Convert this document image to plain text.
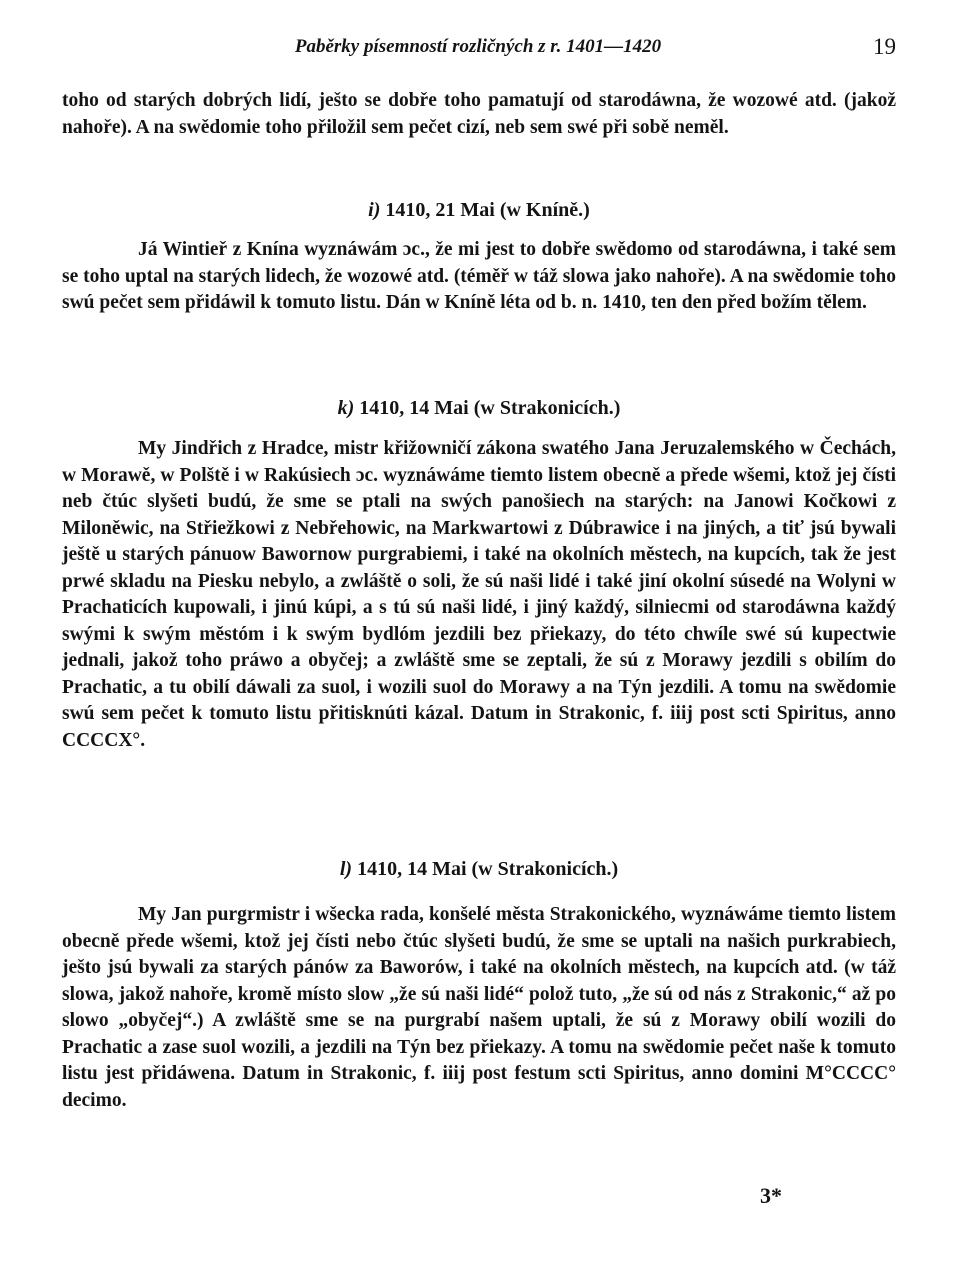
Paběrky písemností rozličných z r. 1401—1420	19

toho od starých dobrých lidí, ješto se dobře toho pamatují od starodáwna, že wozowé atd. (jakož nahoře). A na swědomie toho přiložil sem pečet cizí, neb sem swé při sobě neměl.

i) 1410, 21 Mai (w Kníně.)

Já Wintieř z Knína wyznáwám ɔc., že mi jest to dobře swědomo od starodáwna, i také sem se toho uptal na starých lidech, že wozowé atd. (téměř w táž slowa jako nahoře). A na swědomie toho swú pečet sem přidáwil k tomuto listu. Dán w Kníně léta od b. n. 1410, ten den před božím tělem.

k) 1410, 14 Mai (w Strakonicích.)

My Jindřich z Hradce, mistr křižowničí zákona swatého Jana Jeruzalemského w Čechách, w Morawě, w Polště i w Rakúsiech ɔc. wyznáwáme tiemto listem obecně a přede wšemi, ktož jej čísti neb čtúc slyšeti budú, že sme se ptali na swých panošiech na starých: na Janowi Kočkowi z Miloněwic, na Střiežkowi z Nebřehowic, na Markwartowi z Dúbrawice i na jiných, a tiť jsú bywali ještě u starých pánuow Bawornow purgrabiemi, i také na okolních městech, na kupcích, tak že jest prwé skladu na Piesku nebylo, a zwláště o soli, že sú naši lidé i také jiní okolní súsedé na Wolyni w Prachaticích kupowali, i jinú kúpi, a s tú sú naši lidé, i jiný každý, silniecmi od starodáwna každý swými k swým městóm i k swým bydlóm jezdili bez přiekazy, do této chwíle swé sú kupectwie jednali, jakož toho práwo a obyčej; a zwláště sme se zeptali, že sú z Morawy jezdili s obilím do Prachatic, a tu obilí dáwali za suol, i wozili suol do Morawy a na Týn jezdili. A tomu na swědomie swú sem pečet k tomuto listu přitisknúti kázal. Datum in Strakonic, f. iiij post scti Spiritus, anno CCCCX°.

l) 1410, 14 Mai (w Strakonicích.)

My Jan purgrmistr i wšecka rada, konšelé města Strakonického, wyznáwáme tiemto listem obecně přede wšemi, ktož jej čísti nebo čtúc slyšeti budú, že sme se uptali na našich purkrabiech, ješto jsú bywali za starých pánów za Baworów, i také na okolních městech, na kupcích atd. (w táž slowa, jakož nahoře, kromě místo slow „že sú naši lidé“ polož tuto, „že sú od nás z Strakonic,“ až po slowo „obyčej“.) A zwláště sme se na purgrabí našem uptali, že sú z Morawy obilí wozili do Prachatic a zase suol wozili, a jezdili na Týn bez přiekazy. A tomu na swědomie pečet naše k tomuto listu jest přidáwena. Datum in Strakonic, f. iiij post festum scti Spiritus, anno domini M°CCCC° decimo.

3*
